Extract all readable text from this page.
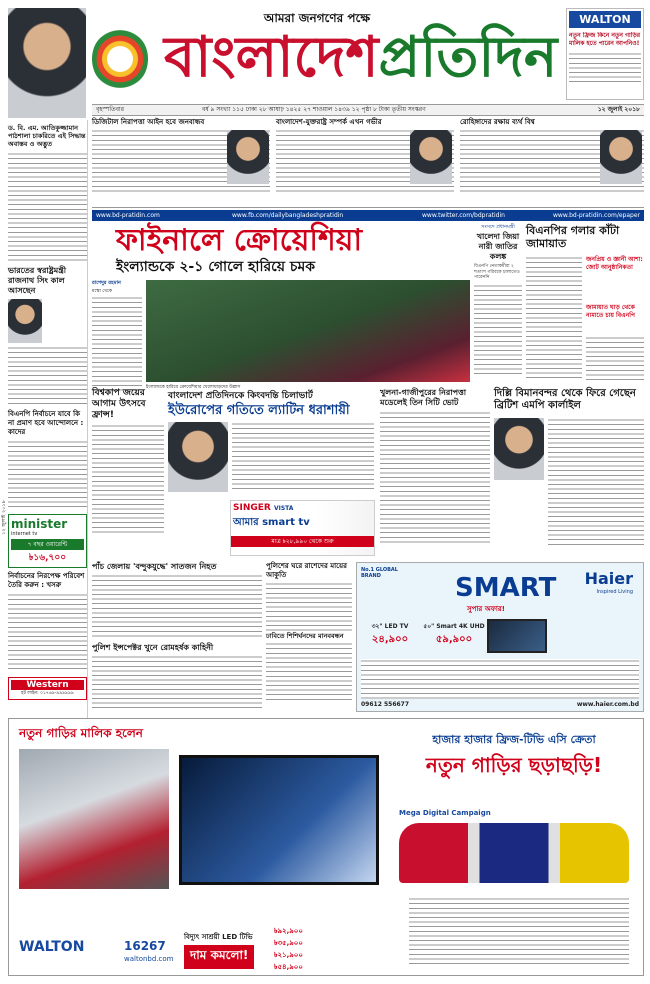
আমরা জনগণের পক্ষে
বাংলাদেশপ্রতিদিন
WALTON
নতুন ফ্রিজ কিনে নতুন গাড়ির মালিক হতে পারেন আপনিও!
বৃহস্পতিবার	বর্ষ ৯ সংখ্যা ১১৫ ঢাকা ২৮ আষাঢ় ১৪২৫ ২৭ শাওয়াল ১৪৩৯ ১২ পৃষ্ঠা ৮ টাকা তৃতীয় সংস্করণ	১২ জুলাই ২০১৮
ড. বি. এম. আতিকুজ্জামান পাঠশালা চাকরিতে এই সিদ্ধান্ত অবাস্তব ও অদ্ভুত
ভারতের স্বরাষ্ট্রমন্ত্রী রাজনাথ সিং কাল আসছেন
বিএনপি নির্বাচনে যাবে কি না প্রমাণ হবে আন্দোলনে : কাদের
minister
internet tv
৭ বছর ওয়ারেন্টি
৳১৬,৭০০
নির্বাচনের নিরপেক্ষ পরিবেশ তৈরি করুন : খসরু
Western
হট লাইন: ০১৭৬৯-৯৯৯৯৯৯
১২ জুলাই ২০১৮
ডিজিটাল নিরাপত্তা আইন হবে জনবান্ধব	বাংলাদেশ-যুক্তরাষ্ট্র সম্পর্ক এখন গভীর	রোহিঙ্গাদের রক্ষায় ব্যর্থ বিশ্ব
www.bd-pratidin.com	www.fb.com/dailybangladeshpratidin	www.twitter.com/bdpratidin	www.bd-pratidin.com/epaper
ফাইনালে ক্রোয়েশিয়া
ইংল্যান্ডকে ২-১ গোলে হারিয়ে চমক
রাশেদুর রহমান
মস্কো থেকে
ইংল্যান্ডকে হারিয়ে ক্রোয়েশিয়ার খেলোয়াড়দের উল্লাস
সংসদে প্রধানমন্ত্রী
খালেদা জিয়া নারী জাতির কলঙ্ক
বিএনপি নেতাকর্মীরা ২ শতাংশ গরিবকে চালাতেও পারেননি
বিএনপির গলার কাঁটা জামায়াত
জনপ্রিয় ও জ্ঞানী আশা: জোট আনুষ্ঠানিকতা
জামায়াত ঘাড় থেকে নামাতে চায় বিএনপি
বিশ্বকাপ জয়ের আগাম উৎসবে ফ্রান্স!
বাংলাদেশ প্রতিদিনকে কিংবদন্তি চিলাভার্ট
ইউরোপের গতিতে ল্যাটিন ধরাশায়ী
SINGER VISTA
আমার smart tv
মাত্র ৳২৮,৯৯০ থেকে শুরু
খুলনা-গাজীপুরের নিরাপত্তা মডেলেই তিন সিটি ভোট
দিল্লি বিমানবন্দর থেকে ফিরে গেছেন ব্রিটিশ এমপি কার্লাইল
পাঁচ জেলায় 'বন্দুকযুদ্ধে' সাতজন নিহত
পুলিশ ইন্সপেক্টর খুনে রোমহর্ষক কাহিনী
পুলিশের ঘরে রাশেদের মায়ের আকুতি
ঢাবিতে শিশির্ঘনদের মানববন্ধন
No.1 GLOBAL BRAND	SMART
সুপার অফার!
Haier
Inspired Living
৩২" LED TV
২৪,৯০০
৫০" Smart 4K UHD
৫৯,৯০০
09612 556677	www.haier.com.bd
নতুন গাড়ির মালিক হলেন
WALTON	16267
waltonbd.com
বিদ্যুৎ সাশ্রয়ী LED টিভি
দাম কমলো!
৳৯২,৯০০
৳৩৫,৯০০
৳২১,৯০০
৳৫৪,৯০০
হাজার হাজার ফ্রিজ-টিভি এসি ক্রেতা
নতুন গাড়ির ছড়াছড়ি!
Mega Digital Campaign
